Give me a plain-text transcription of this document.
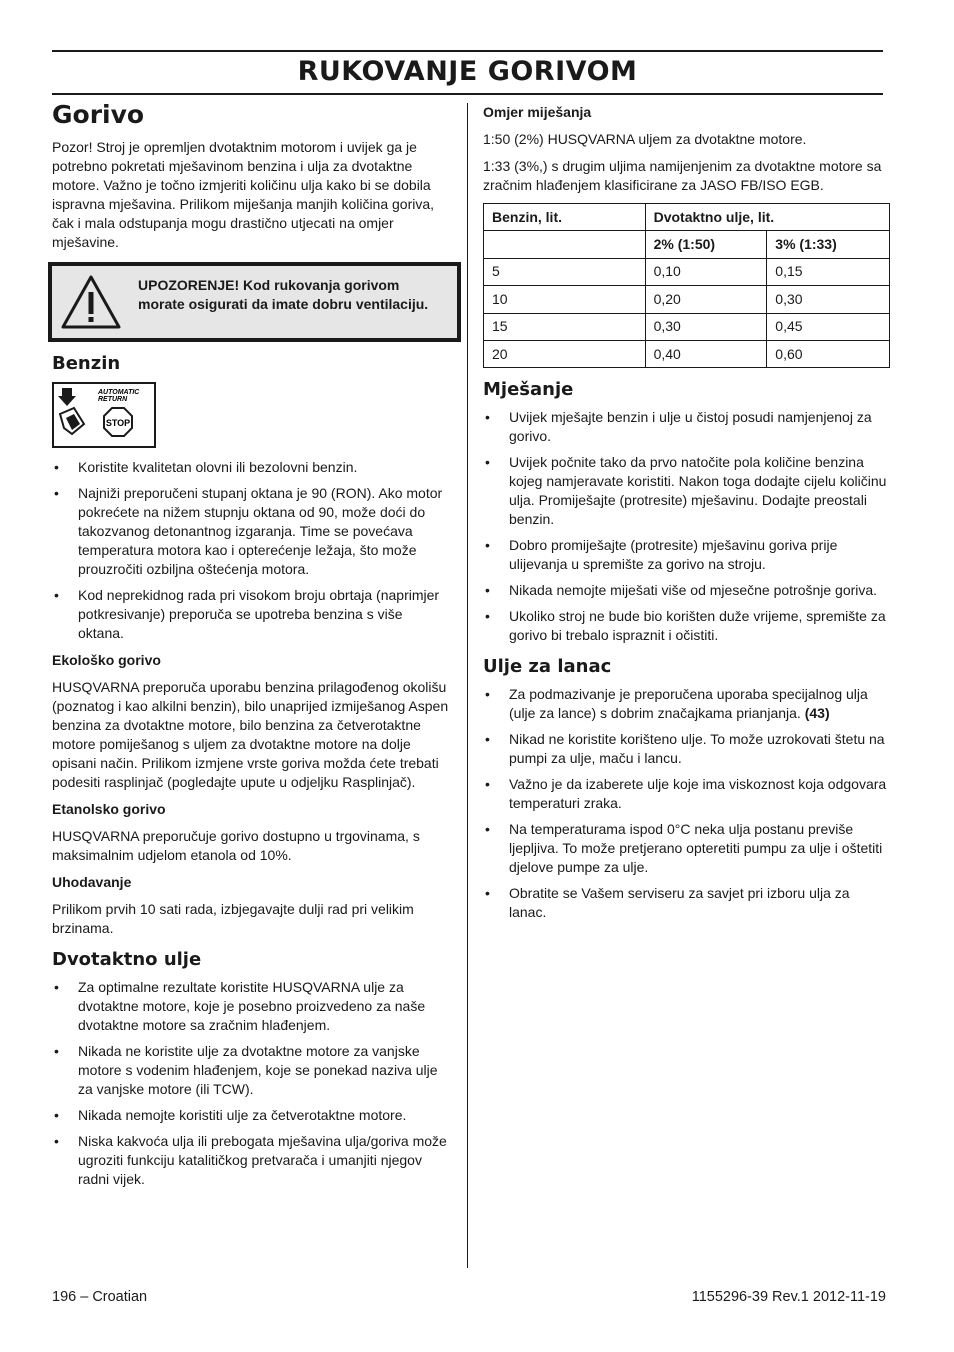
RUKOVANJE GORIVOM
Gorivo

Pozor! Stroj je opremljen dvotaktnim motorom i uvijek ga je potrebno pokretati mješavinom benzina i ulja za dvotaktne motore. Važno je točno izmjeriti količinu ulja kako bi se dobila ispravna mješavina. Prilikom miješanja manjih količina goriva, čak i mala odstupanja mogu drastično utjecati na omjer mješavine.

UPOZORENJE! Kod rukovanja gorivom morate osigurati da imate dobru ventilaciju.
Benzin
AUTOMATIC
RETURN
STOP
• Koristite kvalitetan olovni ili bezolovni benzin.
• Najniži preporučeni stupanj oktana je 90 (RON). Ako motor pokrećete na nižem stupnju oktana od 90, može doći do takozvanog detonantnog izgaranja. Time se povećava temperatura motora kao i opterećenje ležaja, što može prouzročiti ozbiljna oštećenja motora.
• Kod neprekidnog rada pri visokom broju obrtaja (naprimjer potkresivanje) preporuča se upotreba benzina s više oktana.
Ekološko gorivo

HUSQVARNA preporuča uporabu benzina prilagođenog okolišu (poznatog i kao alkilni benzin), bilo unaprijed izmiješanog Aspen benzina za dvotaktne motore, bilo benzina za četverotaktne motore pomiješanog s uljem za dvotaktne motore na dolje opisani način. Prilikom izmjene vrste goriva možda ćete trebati podesiti rasplinjač (pogledajte upute u odjeljku Rasplinjač).

Etanolsko gorivo

HUSQVARNA preporučuje gorivo dostupno u trgovinama, s maksimalnim udjelom etanola od 10%.

Uhodavanje

Prilikom prvih 10 sati rada, izbjegavajte dulji rad pri velikim brzinama.

Dvotaktno ulje
• Za optimalne rezultate koristite HUSQVARNA ulje za dvotaktne motore, koje je posebno proizvedeno za naše dvotaktne motore sa zračnim hlađenjem.
• Nikada ne koristite ulje za dvotaktne motore za vanjske motore s vodenim hlađenjem, koje se ponekad naziva ulje za vanjske motore (ili TCW).
• Nikada nemojte koristiti ulje za četverotaktne motore.
• Niska kakvoća ulja ili prebogata mješavina ulja/goriva može ugroziti funkciju katalitičkog pretvarača i umanjiti njegov radni vijek.
Omjer miješanja

1:50 (2%) HUSQVARNA uljem za dvotaktne motore.

1:33 (3%,) s drugim uljima namijenjenim za dvotaktne motore sa zračnim hlađenjem klasificirane za JASO FB/ISO EGB.

Benzin, lit.	Dvotaktno ulje, lit.	
	2% (1:50)	3% (1:33)
5	0,10	0,15
10	0,20	0,30
15	0,30	0,45
20	0,40	0,60
Mješanje
• Uvijek mješajte benzin i ulje u čistoj posudi namjenjenoj za gorivo.
• Uvijek počnite tako da prvo natočite pola količine benzina kojeg namjeravate koristiti. Nakon toga dodajte cijelu količinu ulja. Promiješajte (protresite) mješavinu. Dodajte preostali benzin.
• Dobro promiješajte (protresite) mješavinu goriva prije ulijevanja u spremište za gorivo na stroju.
• Nikada nemojte miješati više od mjesečne potrošnje goriva.
• Ukoliko stroj ne bude bio korišten duže vrijeme, spremište za gorivo bi trebalo ispraznit i očistiti.
Ulje za lanac
• Za podmazivanje je preporučena uporaba specijalnog ulja (ulje za lance) s dobrim značajkama prianjanja. (43)
• Nikad ne koristite korišteno ulje. To može uzrokovati štetu na pumpi za ulje, maču i lancu.
• Važno je da izaberete ulje koje ima viskoznost koja odgovara temperaturi zraka.
• Na temperaturama ispod 0°C neka ulja postanu previše ljepljiva. To može pretjerano opteretiti pumpu za ulje i oštetiti djelove pumpe za ulje.
• Obratite se Vašem serviseru za savjet pri izboru ulja za lanac.
196 – Croatian	1155296-39 Rev.1 2012-11-19
